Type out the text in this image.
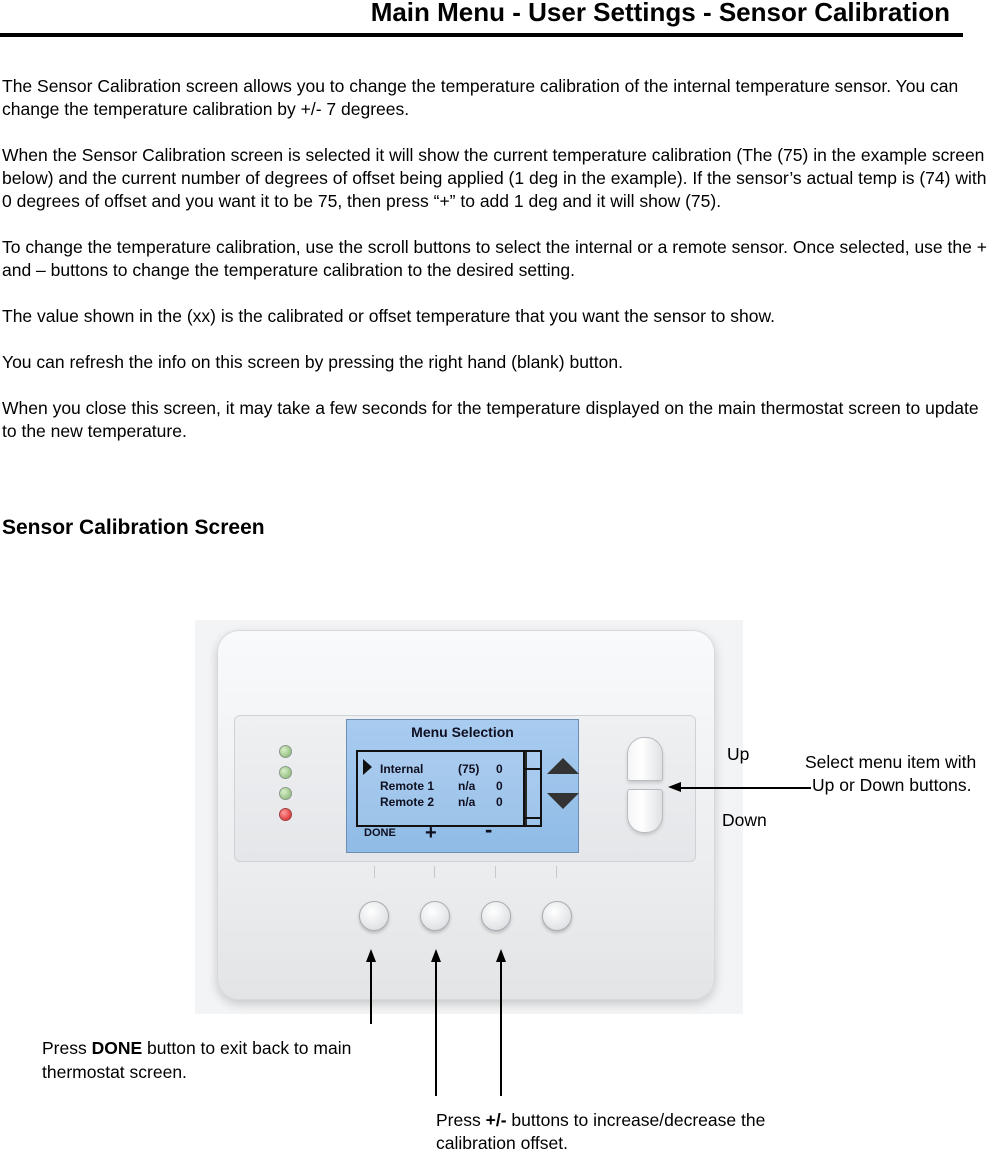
Main Menu - User Settings - Sensor Calibration

The Sensor Calibration screen allows you to change the temperature calibration of the internal temperature sensor. You can change the temperature calibration by +/- 7 degrees.

When the Sensor Calibration screen is selected it will show the current temperature calibration (The (75) in the example screen below) and the current number of degrees of offset being applied (1 deg in the example). If the sensor’s actual temp is (74) with 0 degrees of offset and you want it to be 75, then press “+” to add 1 deg and it will show (75).

To change the temperature calibration, use the scroll buttons to select the internal or a remote sensor. Once selected, use the + and – buttons to change the temperature calibration to the desired setting.

The value shown in the (xx) is the calibrated or offset temperature that you want the sensor to show.

You can refresh the info on this screen by pressing the right hand (blank) button.

When you close this screen, it may take a few seconds for the temperature displayed on the main thermostat screen to update to the new temperature.

Sensor Calibration Screen
Menu Selection
Internal	(75) 0
Remote 1 n/a 0
Remote 2 n/a 0
DONE + -
Up
Down
Select menu item with
Up or Down buttons.
Press DONE button to exit back to main
thermostat screen.
Press +/- buttons to increase/decrease the
calibration offset.
